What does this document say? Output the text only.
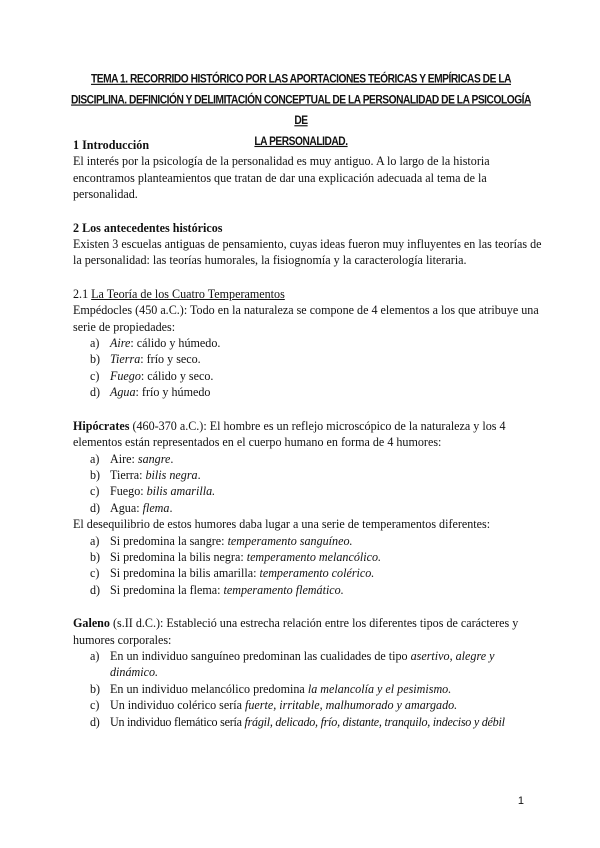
TEMA 1. RECORRIDO HISTÓRICO POR LAS APORTACIONES TEÓRICAS Y EMPÍRICAS DE LA
DISCIPLINA. DEFINICIÓN Y DELIMITACIÓN CONCEPTUAL DE LA PERSONALIDAD DE LA PSICOLOGÍA DE
LA PERSONALIDAD.

1 Introducción

El interés por la psicología de la personalidad es muy antiguo. A lo largo de la historia encontramos planteamientos que tratan de dar una explicación adecuada al tema de la personalidad.

2 Los antecedentes históricos

Existen 3 escuelas antiguas de pensamiento, cuyas ideas fueron muy influyentes en las teorías de la personalidad: las teorías humorales, la fisiognomía y la caracterología literaria.

2.1 La Teoría de los Cuatro Temperamentos

Empédocles (450 a.C.): Todo en la naturaleza se compone de 4 elementos a los que atribuye una serie de propiedades:

a) Aire: cálido y húmedo.
b) Tierra: frío y seco.
c) Fuego: cálido y seco.
d) Agua: frío y húmedo

Hipócrates (460-370 a.C.): El hombre es un reflejo microscópico de la naturaleza y los 4 elementos están representados en el cuerpo humano en forma de 4 humores:

a) Aire: sangre.
b) Tierra: bilis negra.
c) Fuego: bilis amarilla.
d) Agua: flema.

El desequilibrio de estos humores daba lugar a una serie de temperamentos diferentes:

a) Si predomina la sangre: temperamento sanguíneo.
b) Si predomina la bilis negra: temperamento melancólico.
c) Si predomina la bilis amarilla: temperamento colérico.
d) Si predomina la flema: temperamento flemático.

Galeno (s.II d.C.): Estableció una estrecha relación entre los diferentes tipos de carácteres y humores corporales:

a) En un individuo sanguíneo predominan las cualidades de tipo asertivo, alegre y dinámico.
b) En un individuo melancólico predomina la melancolía y el pesimismo.
c) Un individuo colérico sería fuerte, irritable, malhumorado y amargado.
d) Un individuo flemático sería frágil, delicado, frío, distante, tranquilo, indeciso y débil
1
